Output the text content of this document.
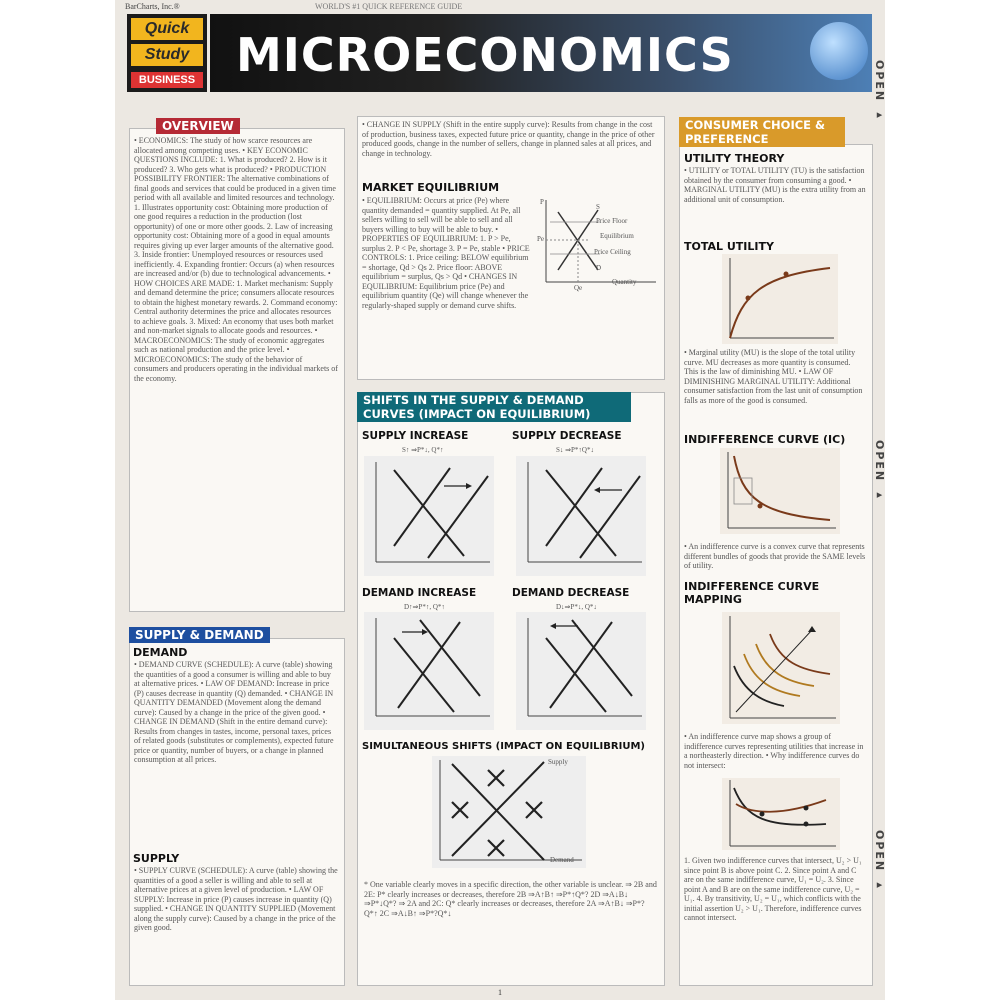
BarCharts, Inc.®	WORLD'S #1 QUICK REFERENCE GUIDE
Quick
Study
BUSINESS MICROECONOMICS	OPEN ▸
OPEN ▸
OPEN ▸
OVERVIEW
• ECONOMICS: The study of how scarce resources are allocated among competing uses. • KEY ECONOMIC QUESTIONS INCLUDE: 1. What is produced? 2. How is it produced? 3. Who gets what is produced? • PRODUCTION POSSIBILITY FRONTIER: The alternative combinations of final goods and services that could be produced in a given time period with all available and limited resources and technology. 1. Illustrates opportunity cost: Obtaining more production of one good requires a reduction in the production (lost opportunity) of one or more other goods. 2. Law of increasing opportunity cost: Obtaining more of a good in equal amounts requires giving up ever larger amounts of the alternative good. 3. Inside frontier: Unemployed resources or resources used inefficiently. 4. Expanding frontier: Occurs (a) when resources are increased and/or (b) due to technological advancements. • HOW CHOICES ARE MADE: 1. Market mechanism: Supply and demand determine the price; consumers allocate resources to obtain the highest monetary rewards. 2. Command economy: Central authority determines the price and allocates resources to achieve goals. 3. Mixed: An economy that uses both market and non-market signals to allocate goods and resources. • MACROECONOMICS: The study of economic aggregates such as national production and the price level. • MICROECONOMICS: The study of the behavior of consumers and producers operating in the individual markets of the economy.
SUPPLY & DEMAND
DEMAND
• DEMAND CURVE (SCHEDULE): A curve (table) showing the quantities of a good a consumer is willing and able to buy at alternative prices. • LAW OF DEMAND: Increase in price (P) causes decrease in quantity (Q) demanded. • CHANGE IN QUANTITY DEMANDED (Movement along the demand curve): Caused by a change in the price of the given good. • CHANGE IN DEMAND (Shift in the entire demand curve): Results from changes in tastes, income, personal taxes, prices of related goods (substitutes or complements), expected future price or quantity, number of buyers, or a change in planned consumption at all prices.
SUPPLY
• SUPPLY CURVE (SCHEDULE): A curve (table) showing the quantities of a good a seller is willing and able to sell at alternative prices at a given level of production. • LAW OF SUPPLY: Increase in price (P) causes increase in quantity (Q) supplied. • CHANGE IN QUANTITY SUPPLIED (Movement along the supply curve): Caused by a change in the price of the given good.
• CHANGE IN SUPPLY (Shift in the entire supply curve): Results from change in the cost of production, business taxes, expected future price or quantity, change in the price of other produced goods, change in the number of sellers, change in planned sales at all prices, and change in technology.
MARKET EQUILIBRIUM
• EQUILIBRIUM: Occurs at price (Pe) where quantity demanded = quantity supplied. At Pe, all sellers willing to sell will be able to sell and all buyers willing to buy will be able to buy. • PROPERTIES OF EQUILIBRIUM: 1. P > Pe, surplus 2. P < Pe, shortage 3. P = Pe, stable • PRICE CONTROLS: 1. Price ceiling: BELOW equilibrium = shortage, Qd > Qs 2. Price floor: ABOVE equilibrium = surplus, Qs > Qd • CHANGES IN EQUILIBRIUM: Equilibrium price (Pe) and equilibrium quantity (Qe) will change whenever the regularly-shaped supply or demand curve shifts.
Price Floor
Equilibrium
Price Ceiling
Pe
Qe
Quantity
S
D
P
SHIFTS IN THE SUPPLY & DEMAND CURVES (IMPACT ON EQUILIBRIUM)
SUPPLY INCREASE	SUPPLY DECREASE
S↑ ⇒P*↓, Q*↑	S↓ ⇒P*↑Q*↓
DEMAND INCREASE	DEMAND DECREASE
D↑⇒P*↑, Q*↑	D↓⇒P*↓, Q*↓
SIMULTANEOUS SHIFTS (IMPACT ON EQUILIBRIUM)
Supply
Demand
* One variable clearly moves in a specific direction, the other variable is unclear. ⇒ 2B and 2E: P* clearly increases or decreases, therefore 2B ⇒A↑B↑ ⇒P*↑Q*? 2D ⇒A↓B↓ ⇒P*↓Q*? ⇒ 2A and 2C: Q* clearly increases or decreases, therefore 2A ⇒A↑B↓ ⇒P*?Q*↑ 2C ⇒A↓B↑ ⇒P*?Q*↓
CONSUMER CHOICE & PREFERENCE
UTILITY THEORY
• UTILITY or TOTAL UTILITY (TU) is the satisfaction obtained by the consumer from consuming a good. • MARGINAL UTILITY (MU) is the extra utility from an additional unit of consumption.
TOTAL UTILITY
• Marginal utility (MU) is the slope of the total utility curve. MU decreases as more quantity is consumed. This is the law of diminishing MU. • LAW OF DIMINISHING MARGINAL UTILITY: Additional consumer satisfaction from the last unit of consumption falls as more of the good is consumed.
INDIFFERENCE CURVE (IC)
• An indifference curve is a convex curve that represents different bundles of goods that provide the SAME levels of utility.
INDIFFERENCE CURVE MAPPING
• An indifference curve map shows a group of indifference curves representing utilities that increase in a northeasterly direction. • Why indifference curves do not intersect:
1. Given two indifference curves that intersect, U₂ > U₁ since point B is above point C. 2. Since point A and C are on the same indifference curve, U₁ = U₂. 3. Since point A and B are on the same indifference curve, U₂ = U₁. 4. By transitivity, U₂ = U₁, which conflicts with the initial assertion U₂ > U₁. Therefore, indifference curves cannot intersect.
1
